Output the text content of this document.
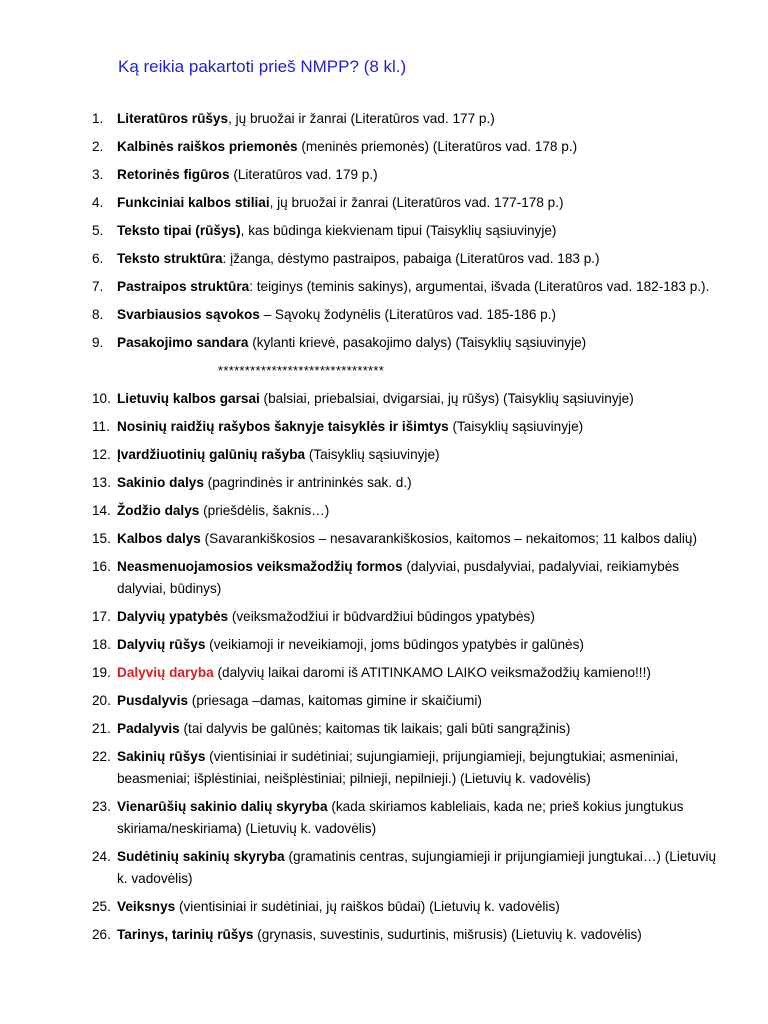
Ką reikia pakartoti prieš NMPP? (8 kl.)
1.	Literatūros rūšys, jų bruožai ir žanrai (Literatūros vad. 177 p.)
2.	Kalbinės raiškos priemonės (meninės priemonės) (Literatūros vad. 178 p.)
3.	Retorinės figūros (Literatūros vad. 179 p.)
4.	Funkciniai kalbos stiliai, jų bruožai ir žanrai (Literatūros vad. 177-178 p.)
5.	Teksto tipai (rūšys), kas būdinga kiekvienam tipui (Taisyklių sąsiuvinyje)
6.	Teksto struktūra: įžanga, dėstymo pastraipos, pabaiga (Literatūros vad. 183 p.)
7.	Pastraipos struktūra: teiginys (teminis sakinys), argumentai, išvada (Literatūros vad. 182-183 p.).
8.	Svarbiausios sąvokos – Sąvokų žodynėlis (Literatūros vad. 185-186 p.)
9.	Pasakojimo sandara (kylanti krievė, pasakojimo dalys) (Taisyklių sąsiuvinyje)
*******************************
10. Lietuvių kalbos garsai (balsiai, priebalsiai, dvigarsiai, jų rūšys) (Taisyklių sąsiuvinyje)
11. Nosinių raidžių rašybos šaknyje taisyklės ir išimtys (Taisyklių sąsiuvinyje)
12. Įvardžiuotinių galūnių rašyba (Taisyklių sąsiuvinyje)
13. Sakinio dalys (pagrindinės ir antrininkės sak. d.)
14. Žodžio dalys (priešdėlis, šaknis…)
15. Kalbos dalys (Savarankiškosios – nesavarankiškosios, kaitomos – nekaitomos; 11 kalbos dalių)
16. Neasmenuojamosios veiksmažodžių formos (dalyviai, pusdalyviai, padalyviai, reikiamybės dalyviai, būdinys)
17. Dalyvių ypatybės (veiksmažodžiui ir būdvardžiui būdingos ypatybės)
18. Dalyvių rūšys (veikiamoji ir neveikiamoji, joms būdingos ypatybės ir galūnės)
19. Dalyvių daryba (dalyvių laikai daromi iš ATITINKAMO LAIKO veiksmažodžių kamieno!!!)
20. Pusdalyvis (priesaga –damas, kaitomas gimine ir skaičiumi)
21. Padalyvis (tai dalyvis be galūnės; kaitomas tik laikais; gali būti sangrąžinis)
22. Sakinių rūšys (vientisiniai ir sudėtiniai; sujungiamieji, prijungiamieji, bejungtukiai; asmeniniai, beasmeniai; išplėstiniai, neišplėstiniai; pilnieji, nepilnieji.) (Lietuvių k. vadovėlis)
23. Vienarūšių sakinio dalių skyryba (kada skiriamos kableliais, kada ne; prieš kokius jungtukus skiriama/neskiriama) (Lietuvių k. vadovėlis)
24. Sudėtinių sakinių skyryba (gramatinis centras, sujungiamieji ir prijungiamieji jungtukai…) (Lietuvių k. vadovėlis)
25. Veiksnys (vientisiniai ir sudėtiniai, jų raiškos būdai) (Lietuvių k. vadovėlis)
26. Tarinys, tarinių rūšys (grynasis, suvestinis, sudurtinis, mišrusis) (Lietuvių k. vadovėlis)
